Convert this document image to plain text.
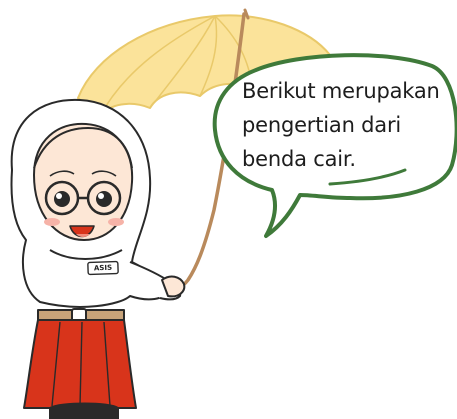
ASIS
Berikut merupakan
pengertian dari
benda cair.
